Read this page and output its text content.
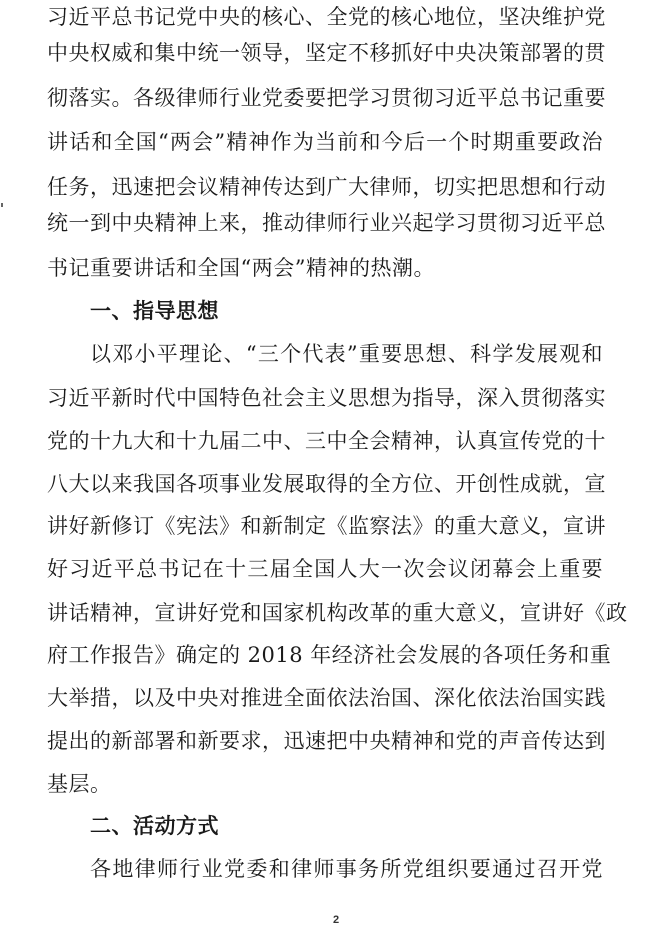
习近平总书记党中央的核心、全党的核心地位，坚决维护党
中央权威和集中统一领导，坚定不移抓好中央决策部署的贯
彻落实。各级律师行业党委要把学习贯彻习近平总书记重要
讲话和全国“两会”精神作为当前和今后一个时期重要政治
任务，迅速把会议精神传达到广大律师，切实把思想和行动
统一到中央精神上来，推动律师行业兴起学习贯彻习近平总
书记重要讲话和全国“两会”精神的热潮。
一、指导思想
以邓小平理论、“三个代表”重要思想、科学发展观和
习近平新时代中国特色社会主义思想为指导，深入贯彻落实
党的十九大和十九届二中、三中全会精神，认真宣传党的十
八大以来我国各项事业发展取得的全方位、开创性成就，宣
讲好新修订《宪法》和新制定《监察法》的重大意义，宣讲
好习近平总书记在十三届全国人大一次会议闭幕会上重要
讲话精神，宣讲好党和国家机构改革的重大意义，宣讲好《政
府工作报告》确定的 2018 年经济社会发展的各项任务和重
大举措，以及中央对推进全面依法治国、深化依法治国实践
提出的新部署和新要求，迅速把中央精神和党的声音传达到
基层。
二、活动方式
各地律师行业党委和律师事务所党组织要通过召开党
2
